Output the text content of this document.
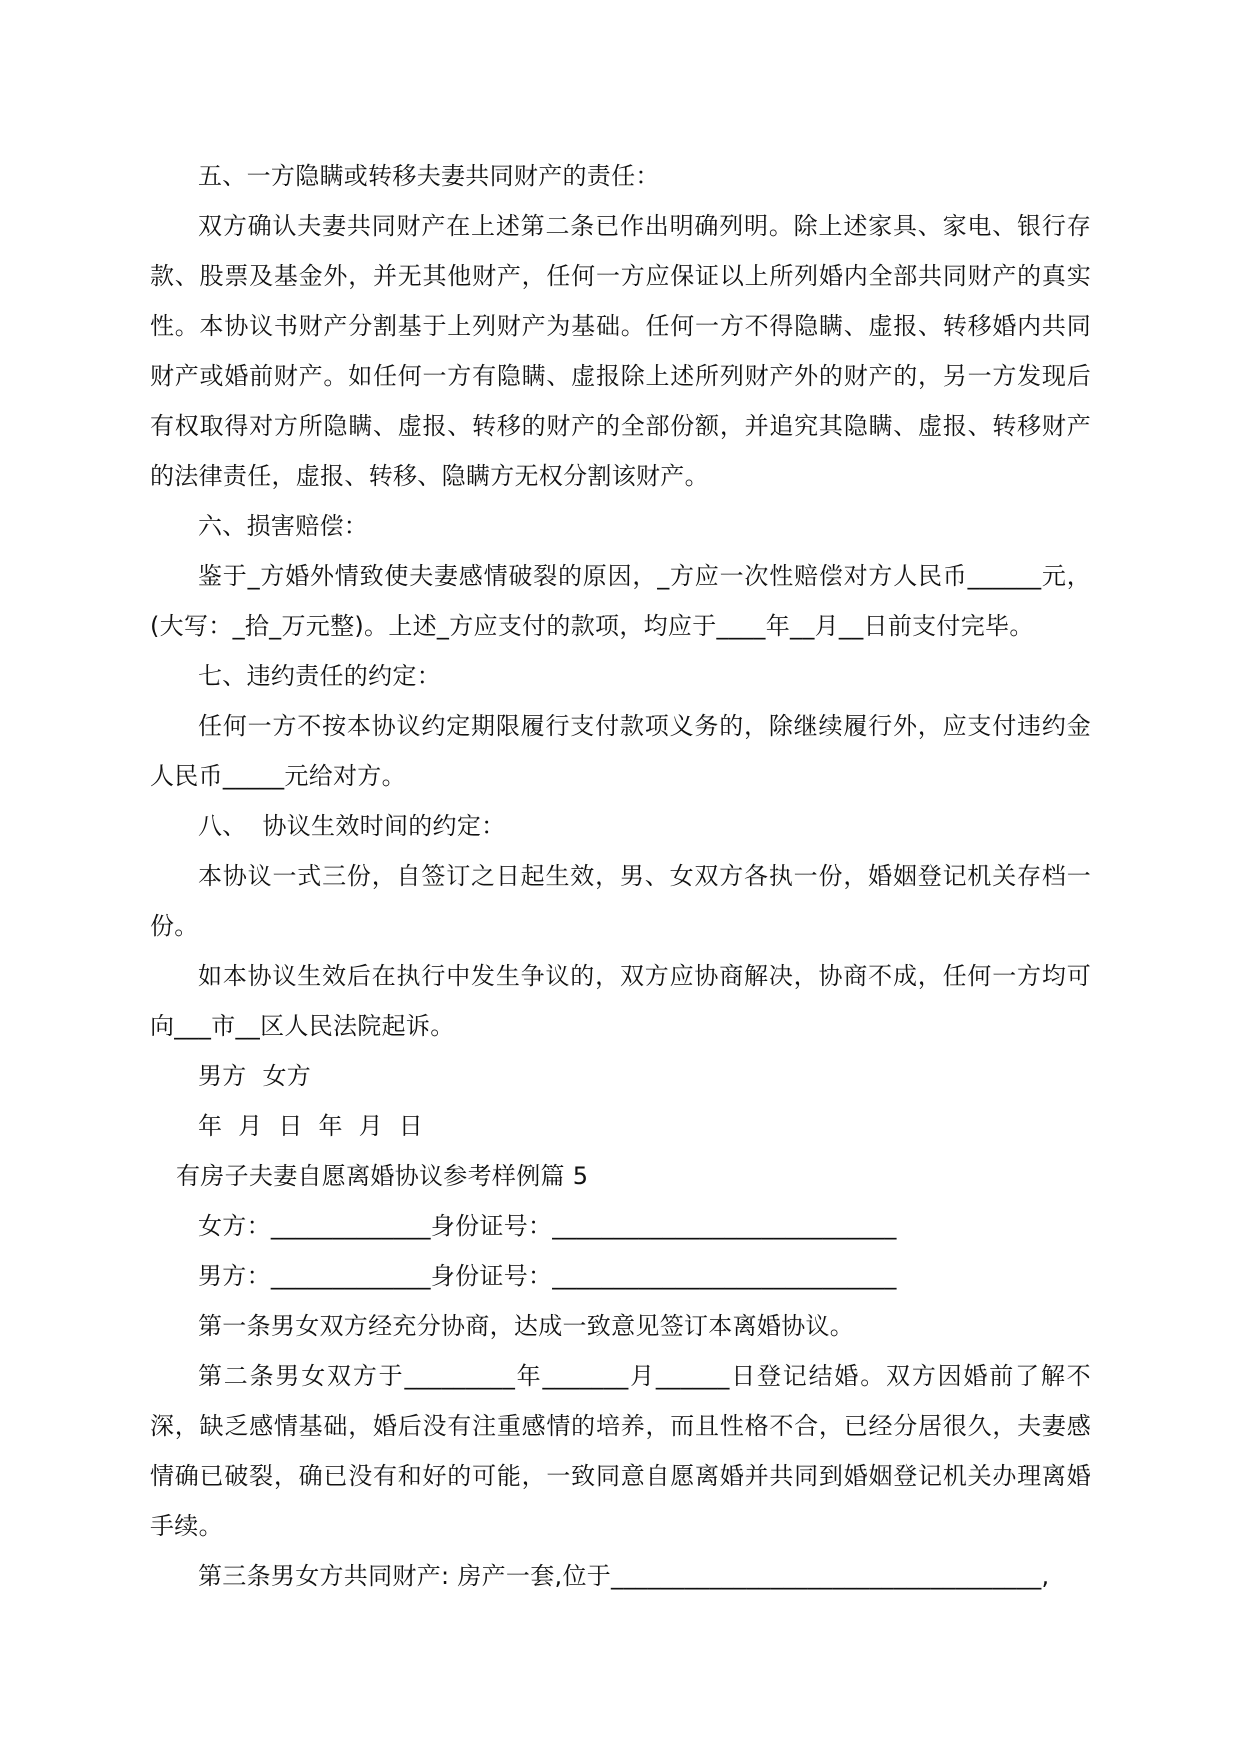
五、一方隐瞒或转移夫妻共同财产的责任：

双方确认夫妻共同财产在上述第二条已作出明确列明。除上述家具、家电、银行存款、股票及基金外，并无其他财产，任何一方应保证以上所列婚内全部共同财产的真实性。本协议书财产分割基于上列财产为基础。任何一方不得隐瞒、虚报、转移婚内共同财产或婚前财产。如任何一方有隐瞒、虚报除上述所列财产外的财产的，另一方发现后有权取得对方所隐瞒、虚报、转移的财产的全部份额，并追究其隐瞒、虚报、转移财产的法律责任，虚报、转移、隐瞒方无权分割该财产。

六、损害赔偿：

鉴于_方婚外情致使夫妻感情破裂的原因，_方应一次性赔偿对方人民币______元，(大写：_拾_万元整)。上述_方应支付的款项，均应于____年__月__日前支付完毕。

七、违约责任的约定：

任何一方不按本协议约定期限履行支付款项义务的，除继续履行外，应支付违约金人民币_____元给对方。

八、  协议生效时间的约定：

本协议一式三份，自签订之日起生效，男、女双方各执一份，婚姻登记机关存档一份。

如本协议生效后在执行中发生争议的，双方应协商解决，协商不成，任何一方均可向___市__区人民法院起诉。

男方  女方

年  月  日  年  月  日

有房子夫妻自愿离婚协议参考样例篇 5

女方：_____________身份证号：____________________________

男方：_____________身份证号：____________________________

第一条男女双方经充分协商，达成一致意见签订本离婚协议。

第二条男女双方于_________年_______月______日登记结婚。双方因婚前了解不深，缺乏感情基础，婚后没有注重感情的培养，而且性格不合，已经分居很久，夫妻感情确已破裂，确已没有和好的可能，一致同意自愿离婚并共同到婚姻登记机关办理离婚手续。

第三条男女方共同财产: 房产一套,位于___________________________________,
